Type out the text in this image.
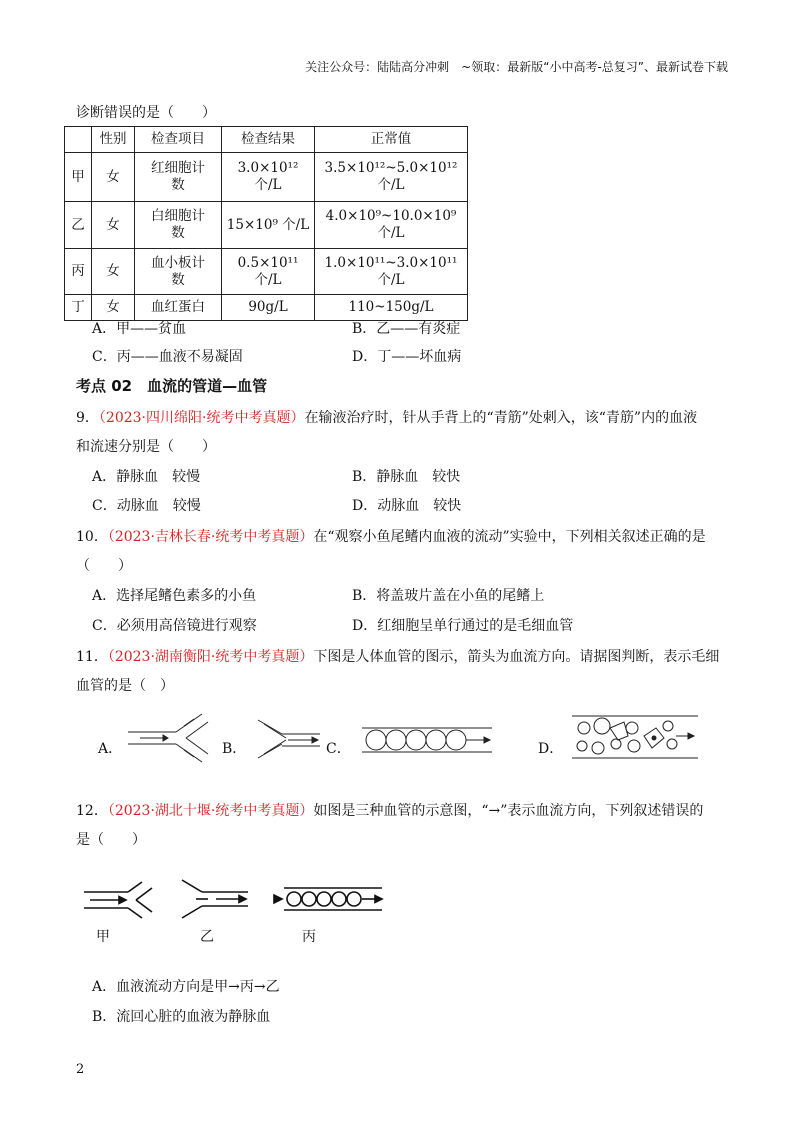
关注公众号：陆陆高分冲刺　~领取：最新版“小中高考-总复习”、最新试卷下载
诊断错误的是（　　）
	性别	检查项目	检查结果	正常值
甲	女	红细胞计数	3.0×10¹² 个/L	3.5×10¹²~5.0×10¹² 个/L
乙	女	白细胞计数	15×10⁹ 个/L	4.0×10⁹~10.0×10⁹ 个/L
丙	女	血小板计数	0.5×10¹¹ 个/L	1.0×10¹¹~3.0×10¹¹ 个/L
丁	女	血红蛋白	90g/L	110~150g/L
A．甲——贫血	B．乙——有炎症
C．丙——血液不易凝固	D．丁——坏血病
考点 02　血流的管道—血管
9．（2023·四川绵阳·统考中考真题）在输液治疗时，针从手背上的“青筋”处刺入，该“青筋”内的血液
和流速分别是（　　）
A．静脉血　较慢	B．静脉血　较快
C．动脉血　较慢	D．动脉血　较快
10．（2023·吉林长春·统考中考真题）在“观察小鱼尾鳍内血液的流动”实验中，下列相关叙述正确的是
（　　）
A．选择尾鳍色素多的小鱼	B．将盖玻片盖在小鱼的尾鳍上
C．必须用高倍镜进行观察	D．红细胞呈单行通过的是毛细血管
11．（2023·湖南衡阳·统考中考真题）下图是人体血管的图示，箭头为血流方向。请据图判断，表示毛细
血管的是（　）
A．	B．	C．	D．
12．（2023·湖北十堰·统考中考真题）如图是三种血管的示意图，“→”表示血流方向，下列叙述错误的
是（　　）
甲	乙	丙
A．血液流动方向是甲→丙→乙
B．流回心脏的血液为静脉血
2
